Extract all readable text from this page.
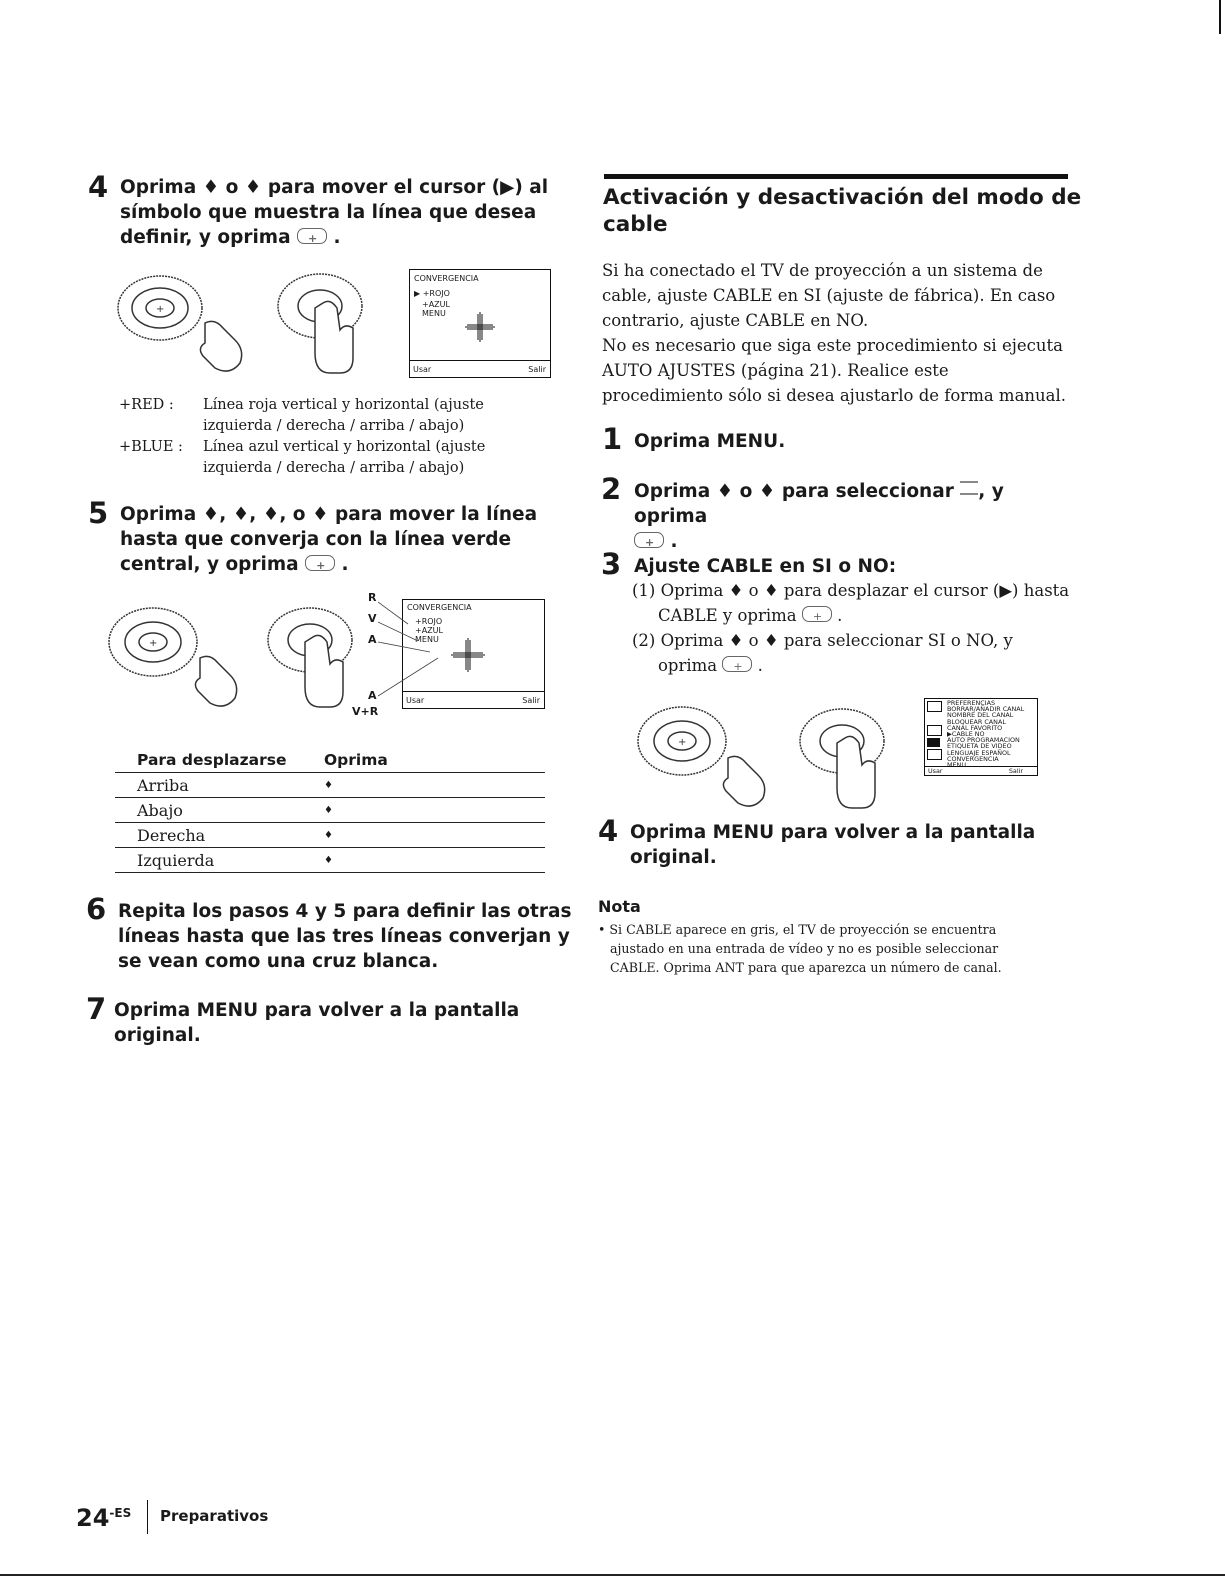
4 Oprima ♦ o ♦ para mover el cursor (▶) al
símbolo que muestra la línea que desea
definir, y oprima + .
+
CONVERGENCIA
▶ +ROJO
+AZUL
MENU
Usar	Salir
+RED : Línea roja vertical y horizontal (ajuste
izquierda / derecha / arriba / abajo)
+BLUE : Línea azul vertical y horizontal (ajuste
izquierda / derecha / arriba / abajo)
5 Oprima ♦, ♦, ♦, o ♦ para mover la línea
hasta que converja con la línea verde
central, y oprima + .
+
R
V
A
A
V+R
CONVERGENCIA
+ROJO
+AZUL
MENU
Usar	Salir
Para desplazarse	Oprima
Arriba	♦
Abajo	♦
Derecha	♦
Izquierda	♦
6 Repita los pasos 4 y 5 para definir las otras
líneas hasta que las tres líneas converjan y
se vean como una cruz blanca.
7 Oprima MENU para volver a la pantalla
original.
Activación y desactivación del modo de
cable
Si ha conectado el TV de proyección a un sistema de
cable, ajuste CABLE en SI (ajuste de fábrica). En caso
contrario, ajuste CABLE en NO.
No es necesario que siga este procedimiento si ejecuta
AUTO AJUSTES (página 21). Realice este
procedimiento sólo si desea ajustarlo de forma manual.
1 Oprima MENU.
2 Oprima ♦ o ♦ para seleccionar , y oprima
+ .
3 Ajuste CABLE en SI o NO:
(1) Oprima ♦ o ♦ para desplazar el cursor (▶) hasta
CABLE y oprima + .
(2) Oprima ♦ o ♦ para seleccionar SI o NO, y
oprima + .
+
PREFERENCIAS
BORRAR/AÑADIR CANAL
NOMBRE DEL CANAL
BLOQUEAR CANAL
CANAL FAVORITO
▶CABLE NO
AUTO PROGRAMACION
ETIQUETA DE VIDEO
LENGUAJE ESPAÑOL
CONVERGENCIA
MENU
Usar	Salir
4 Oprima MENU para volver a la pantalla
original.
Nota
• Si CABLE aparece en gris, el TV de proyección se encuentra
ajustado en una entrada de vídeo y no es posible seleccionar
CABLE. Oprima ANT para que aparezca un número de canal.
$24^{-ES}$ Preparativos
